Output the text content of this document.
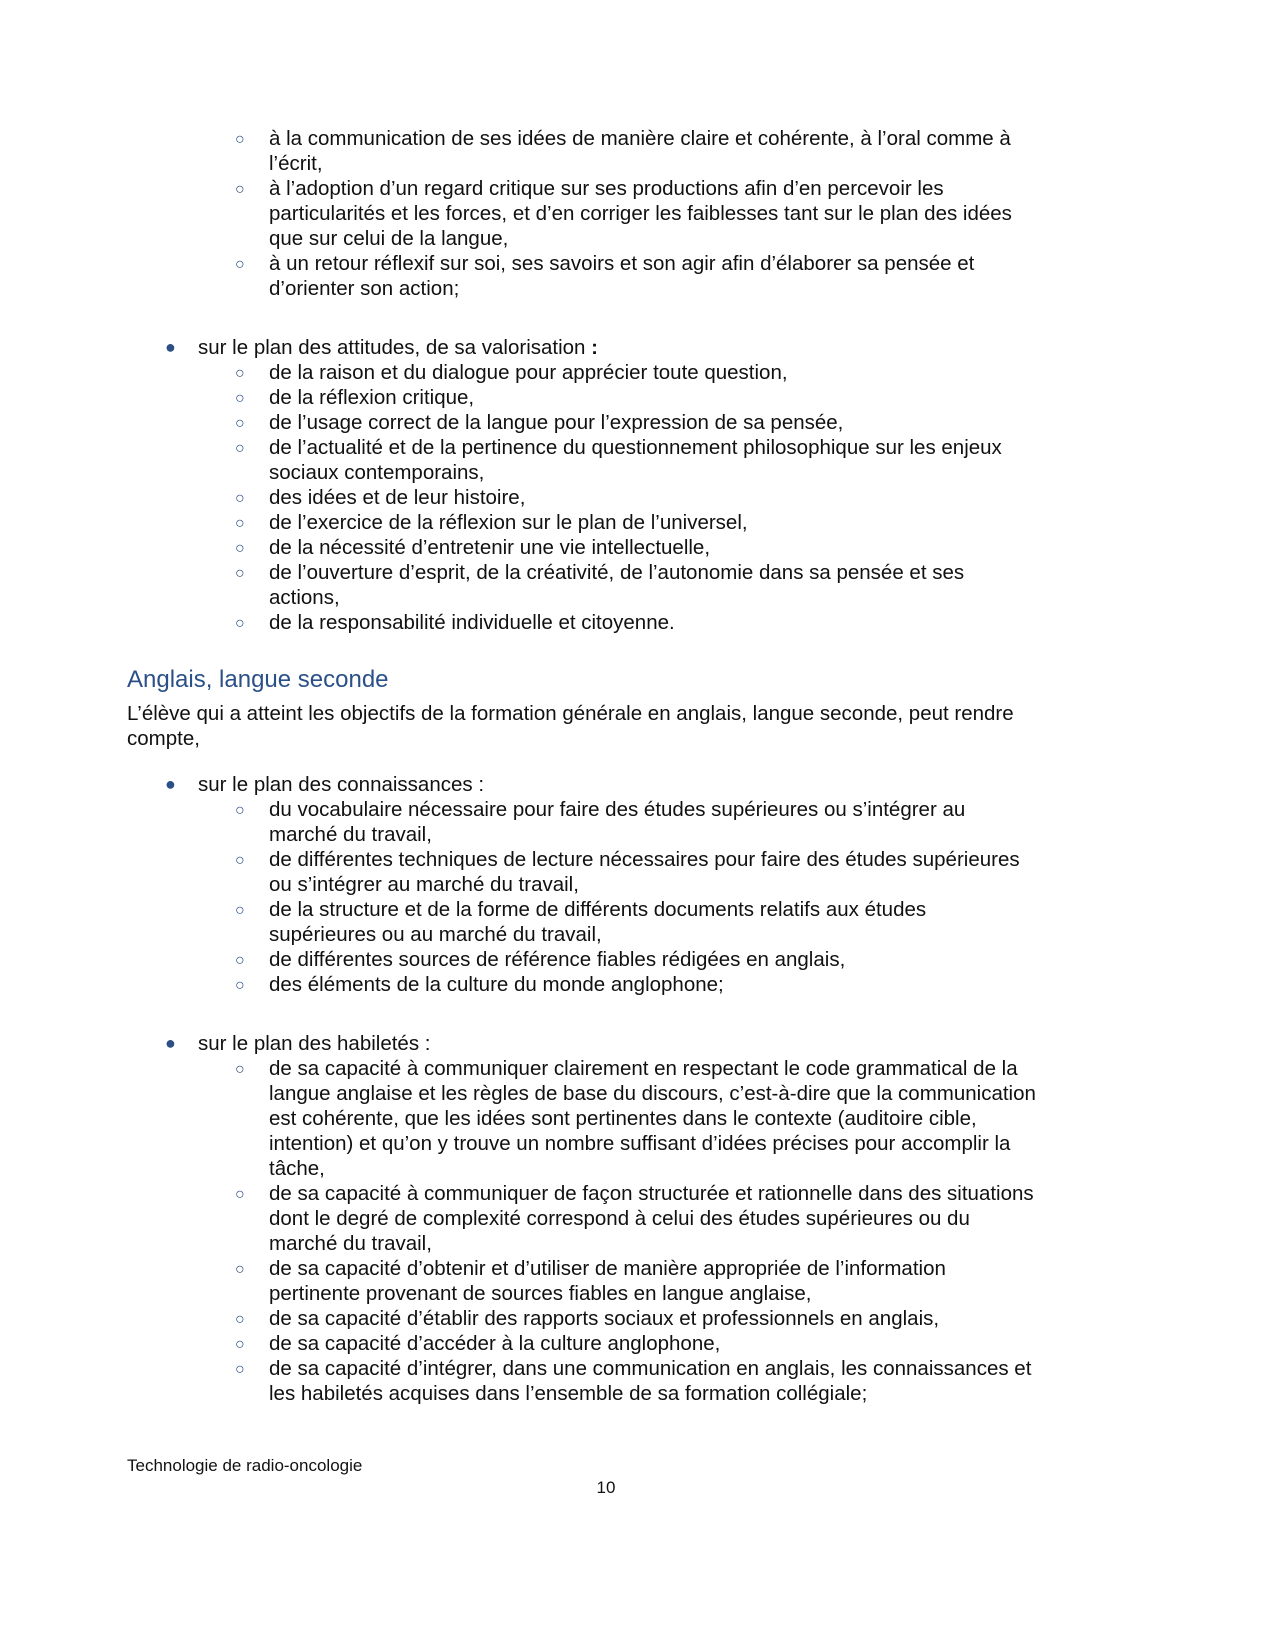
○ à la communication de ses idées de manière claire et cohérente, à l’oral comme à
l’écrit,
○ à l’adoption d’un regard critique sur ses productions afin d’en percevoir les
particularités et les forces, et d’en corriger les faiblesses tant sur le plan des idées
que sur celui de la langue,
○ à un retour réflexif sur soi, ses savoirs et son agir afin d’élaborer sa pensée et
d’orienter son action;
● sur le plan des attitudes, de sa valorisation :
○ de la raison et du dialogue pour apprécier toute question,
○ de la réflexion critique,
○ de l’usage correct de la langue pour l’expression de sa pensée,
○ de l’actualité et de la pertinence du questionnement philosophique sur les enjeux
sociaux contemporains,
○ des idées et de leur histoire,
○ de l’exercice de la réflexion sur le plan de l’universel,
○ de la nécessité d’entretenir une vie intellectuelle,
○ de l’ouverture d’esprit, de la créativité, de l’autonomie dans sa pensée et ses
actions,
○ de la responsabilité individuelle et citoyenne.
Anglais, langue seconde
L’élève qui a atteint les objectifs de la formation générale en anglais, langue seconde, peut rendre
compte,
● sur le plan des connaissances :
○ du vocabulaire nécessaire pour faire des études supérieures ou s’intégrer au
marché du travail,
○ de différentes techniques de lecture nécessaires pour faire des études supérieures
ou s’intégrer au marché du travail,
○ de la structure et de la forme de différents documents relatifs aux études
supérieures ou au marché du travail,
○ de différentes sources de référence fiables rédigées en anglais,
○ des éléments de la culture du monde anglophone;
● sur le plan des habiletés :
○ de sa capacité à communiquer clairement en respectant le code grammatical de la
langue anglaise et les règles de base du discours, c’est-à-dire que la communication
est cohérente, que les idées sont pertinentes dans le contexte (auditoire cible,
intention) et qu’on y trouve un nombre suffisant d’idées précises pour accomplir la
tâche,
○ de sa capacité à communiquer de façon structurée et rationnelle dans des situations
dont le degré de complexité correspond à celui des études supérieures ou du
marché du travail,
○ de sa capacité d’obtenir et d’utiliser de manière appropriée de l’information
pertinente provenant de sources fiables en langue anglaise,
○ de sa capacité d’établir des rapports sociaux et professionnels en anglais,
○ de sa capacité d’accéder à la culture anglophone,
○ de sa capacité d’intégrer, dans une communication en anglais, les connaissances et
les habiletés acquises dans l’ensemble de sa formation collégiale;
Technologie de radio-oncologie
10
